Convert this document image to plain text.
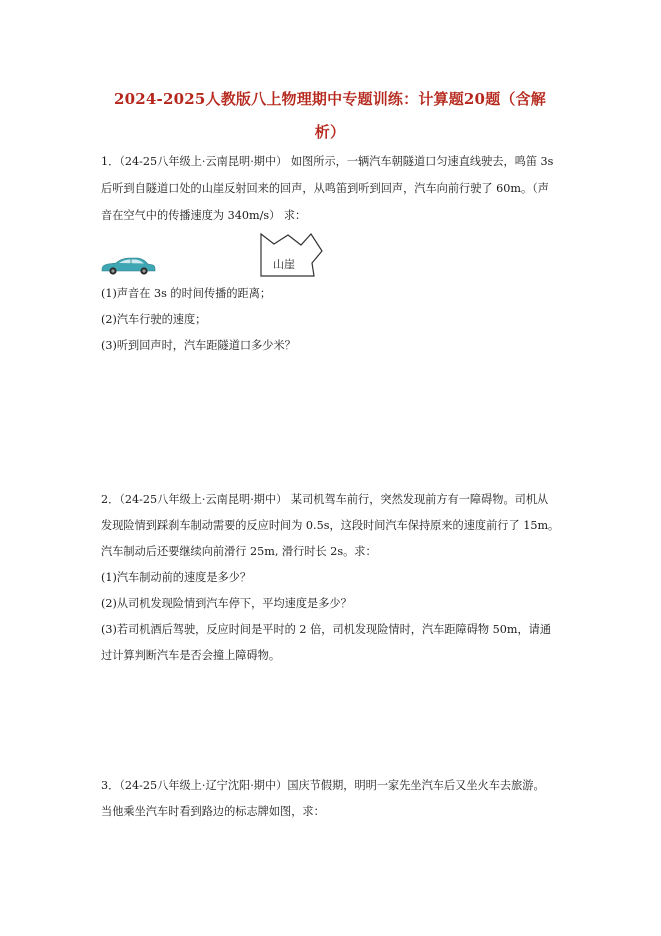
2024-2025人教版八上物理期中专题训练：计算题20题（含解
析）
1．（24-25八年级上·云南昆明·期中） 如图所示，一辆汽车朝隧道口匀速直线驶去，鸣笛 3s
后听到自隧道口处的山崖反射回来的回声，从鸣笛到听到回声，汽车向前行驶了 60m。（声
音在空气中的传播速度为 340m/s） 求：
山崖
(1)声音在 3s 的时间传播的距离；
(2)汽车行驶的速度；
(3)听到回声时，汽车距隧道口多少米？
2．（24-25八年级上·云南昆明·期中） 某司机驾车前行，突然发现前方有一障碍物。司机从
发现险情到踩刹车制动需要的反应时间为 0.5s，这段时间汽车保持原来的速度前行了 15m。
汽车制动后还要继续向前滑行 25m, 滑行时长 2s。求：
(1)汽车制动前的速度是多少？
(2)从司机发现险情到汽车停下，平均速度是多少？
(3)若司机酒后驾驶，反应时间是平时的 2 倍，司机发现险情时，汽车距障碍物 50m，请通
过计算判断汽车是否会撞上障碍物。
3．（24-25八年级上·辽宁沈阳·期中）国庆节假期，明明一家先坐汽车后又坐火车去旅游。
当他乘坐汽车时看到路边的标志牌如图，求：
